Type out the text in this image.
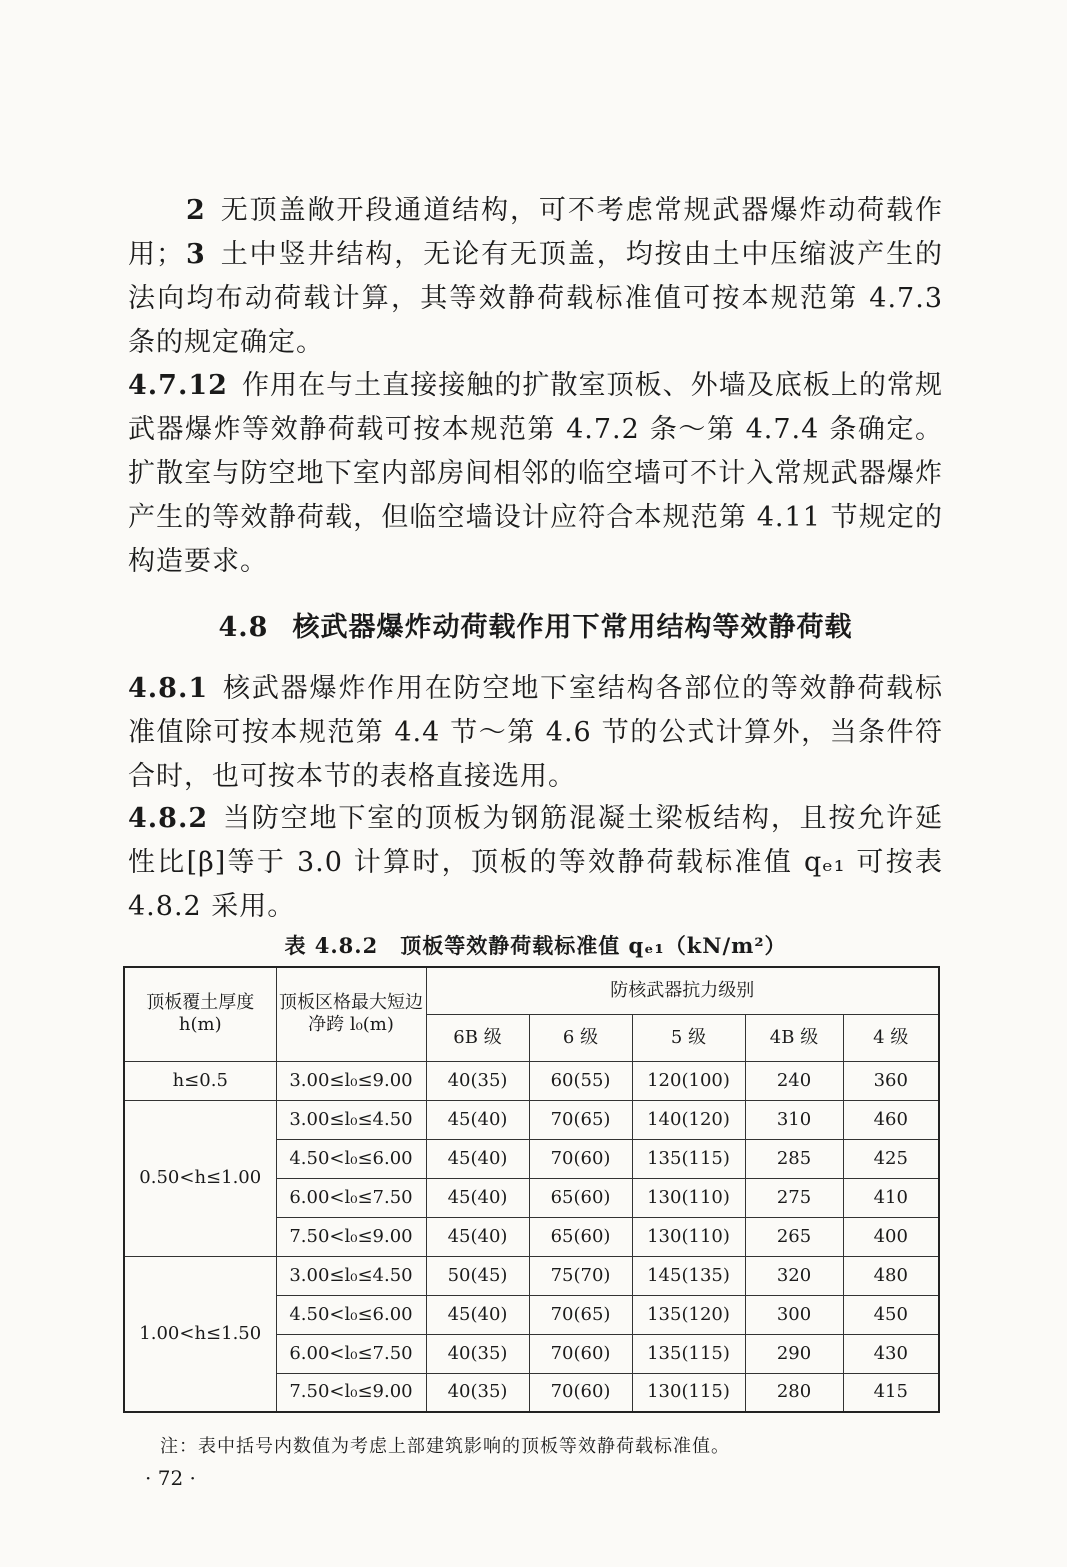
2 无顶盖敞开段通道结构，可不考虑常规武器爆炸动荷载作用； 3 土中竖井结构，无论有无顶盖，均按由土中压缩波产生的法向均布动荷载计算，其等效静荷载标准值可按本规范第 4.7.3 条的规定确定。

4.7.12 作用在与土直接接触的扩散室顶板、外墙及底板上的常规武器爆炸等效静荷载可按本规范第 4.7.2 条～第 4.7.4 条确定。扩散室与防空地下室内部房间相邻的临空墙可不计入常规武器爆炸产生的等效静荷载，但临空墙设计应符合本规范第 4.11 节规定的构造要求。

4.8 核武器爆炸动荷载作用下常用结构等效静荷载

4.8.1 核武器爆炸作用在防空地下室结构各部位的等效静荷载标准值除可按本规范第 4.4 节～第 4.6 节的公式计算外，当条件符合时，也可按本节的表格直接选用。

4.8.2 当防空地下室的顶板为钢筋混凝土梁板结构，且按允许延性比[β]等于 3.0 计算时，顶板的等效静荷载标准值 qₑ₁ 可按表 4.8.2 采用。

表 4.8.2　顶板等效静荷载标准值 qₑ₁（kN/m²）
顶板覆土厚度 h(m)	顶板区格最大短边净跨 l₀(m)	防核武器抗力级别				
		6B 级	6 级	5 级	4B 级	4 级
h≤0.5	3.00≤l₀≤9.00	40(35)	60(55)	120(100)	240	360
0.50<h≤1.00	3.00≤l₀≤4.50	45(40)	70(65)	140(120)	310	460
	4.50<l₀≤6.00	45(40)	70(60)	135(115)	285	425
	6.00<l₀≤7.50	45(40)	65(60)	130(110)	275	410
	7.50<l₀≤9.00	45(40)	65(60)	130(110)	265	400
1.00<h≤1.50	3.00≤l₀≤4.50	50(45)	75(70)	145(135)	320	480
	4.50<l₀≤6.00	45(40)	70(65)	135(120)	300	450
	6.00<l₀≤7.50	40(35)	70(60)	135(115)	290	430
	7.50<l₀≤9.00	40(35)	70(60)	130(115)	280	415
注：表中括号内数值为考虑上部建筑影响的顶板等效静荷载标准值。
· 72 ·
